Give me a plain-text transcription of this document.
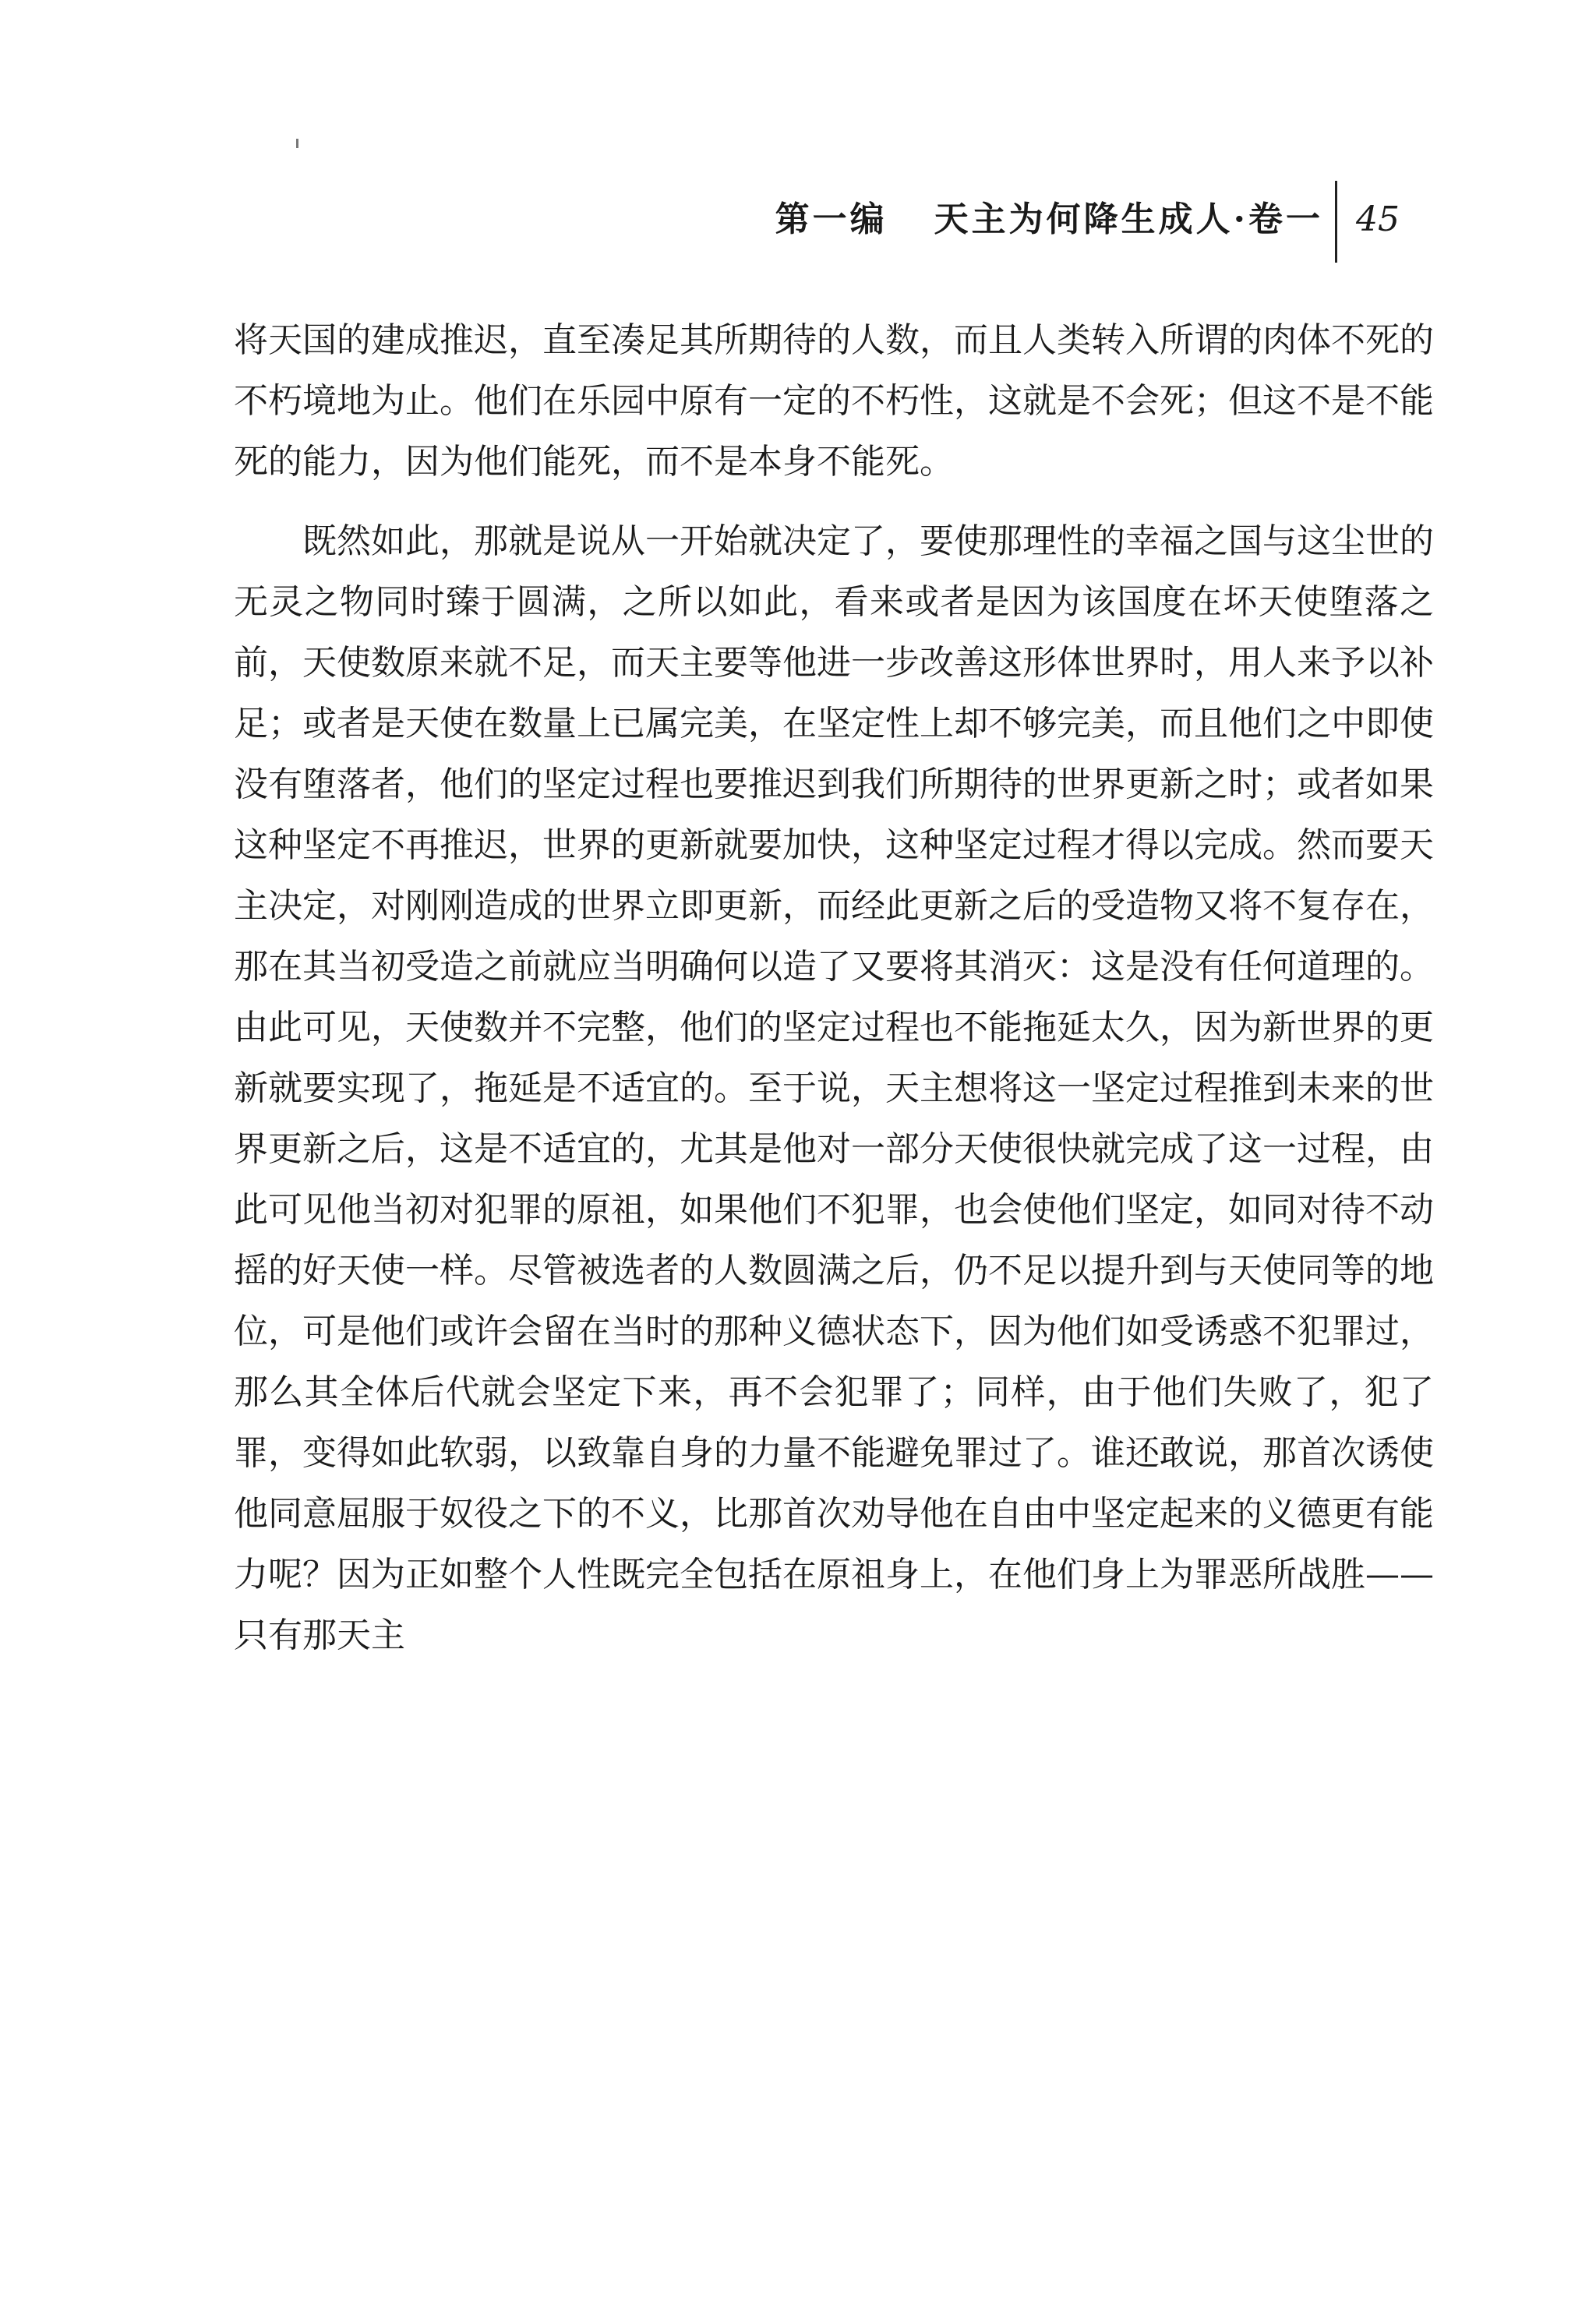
第一编 天主为何降生成人·卷一 45

将天国的建成推迟，直至凑足其所期待的人数，而且人类转入所谓的肉体不死的不朽境地为止。他们在乐园中原有一定的不朽性，这就是不会死；但这不是不能死的能力，因为他们能死，而不是本身不能死。

既然如此，那就是说从一开始就决定了，要使那理性的幸福之国与这尘世的无灵之物同时臻于圆满，之所以如此，看来或者是因为该国度在坏天使堕落之前，天使数原来就不足，而天主要等他进一步改善这形体世界时，用人来予以补足；或者是天使在数量上已属完美，在坚定性上却不够完美，而且他们之中即使没有堕落者，他们的坚定过程也要推迟到我们所期待的世界更新之时；或者如果这种坚定不再推迟，世界的更新就要加快，这种坚定过程才得以完成。然而要天主决定，对刚刚造成的世界立即更新，而经此更新之后的受造物又将不复存在，那在其当初受造之前就应当明确何以造了又要将其消灭：这是没有任何道理的。由此可见，天使数并不完整，他们的坚定过程也不能拖延太久，因为新世界的更新就要实现了，拖延是不适宜的。至于说，天主想将这一坚定过程推到未来的世界更新之后，这是不适宜的，尤其是他对一部分天使很快就完成了这一过程，由此可见他当初对犯罪的原祖，如果他们不犯罪，也会使他们坚定，如同对待不动摇的好天使一样。尽管被选者的人数圆满之后，仍不足以提升到与天使同等的地位，可是他们或许会留在当时的那种义德状态下，因为他们如受诱惑不犯罪过，那么其全体后代就会坚定下来，再不会犯罪了；同样，由于他们失败了，犯了罪，变得如此软弱，以致靠自身的力量不能避免罪过了。谁还敢说，那首次诱使他同意屈服于奴役之下的不义，比那首次劝导他在自由中坚定起来的义德更有能力呢？因为正如整个人性既完全包括在原祖身上，在他们身上为罪恶所战胜——只有那天主
